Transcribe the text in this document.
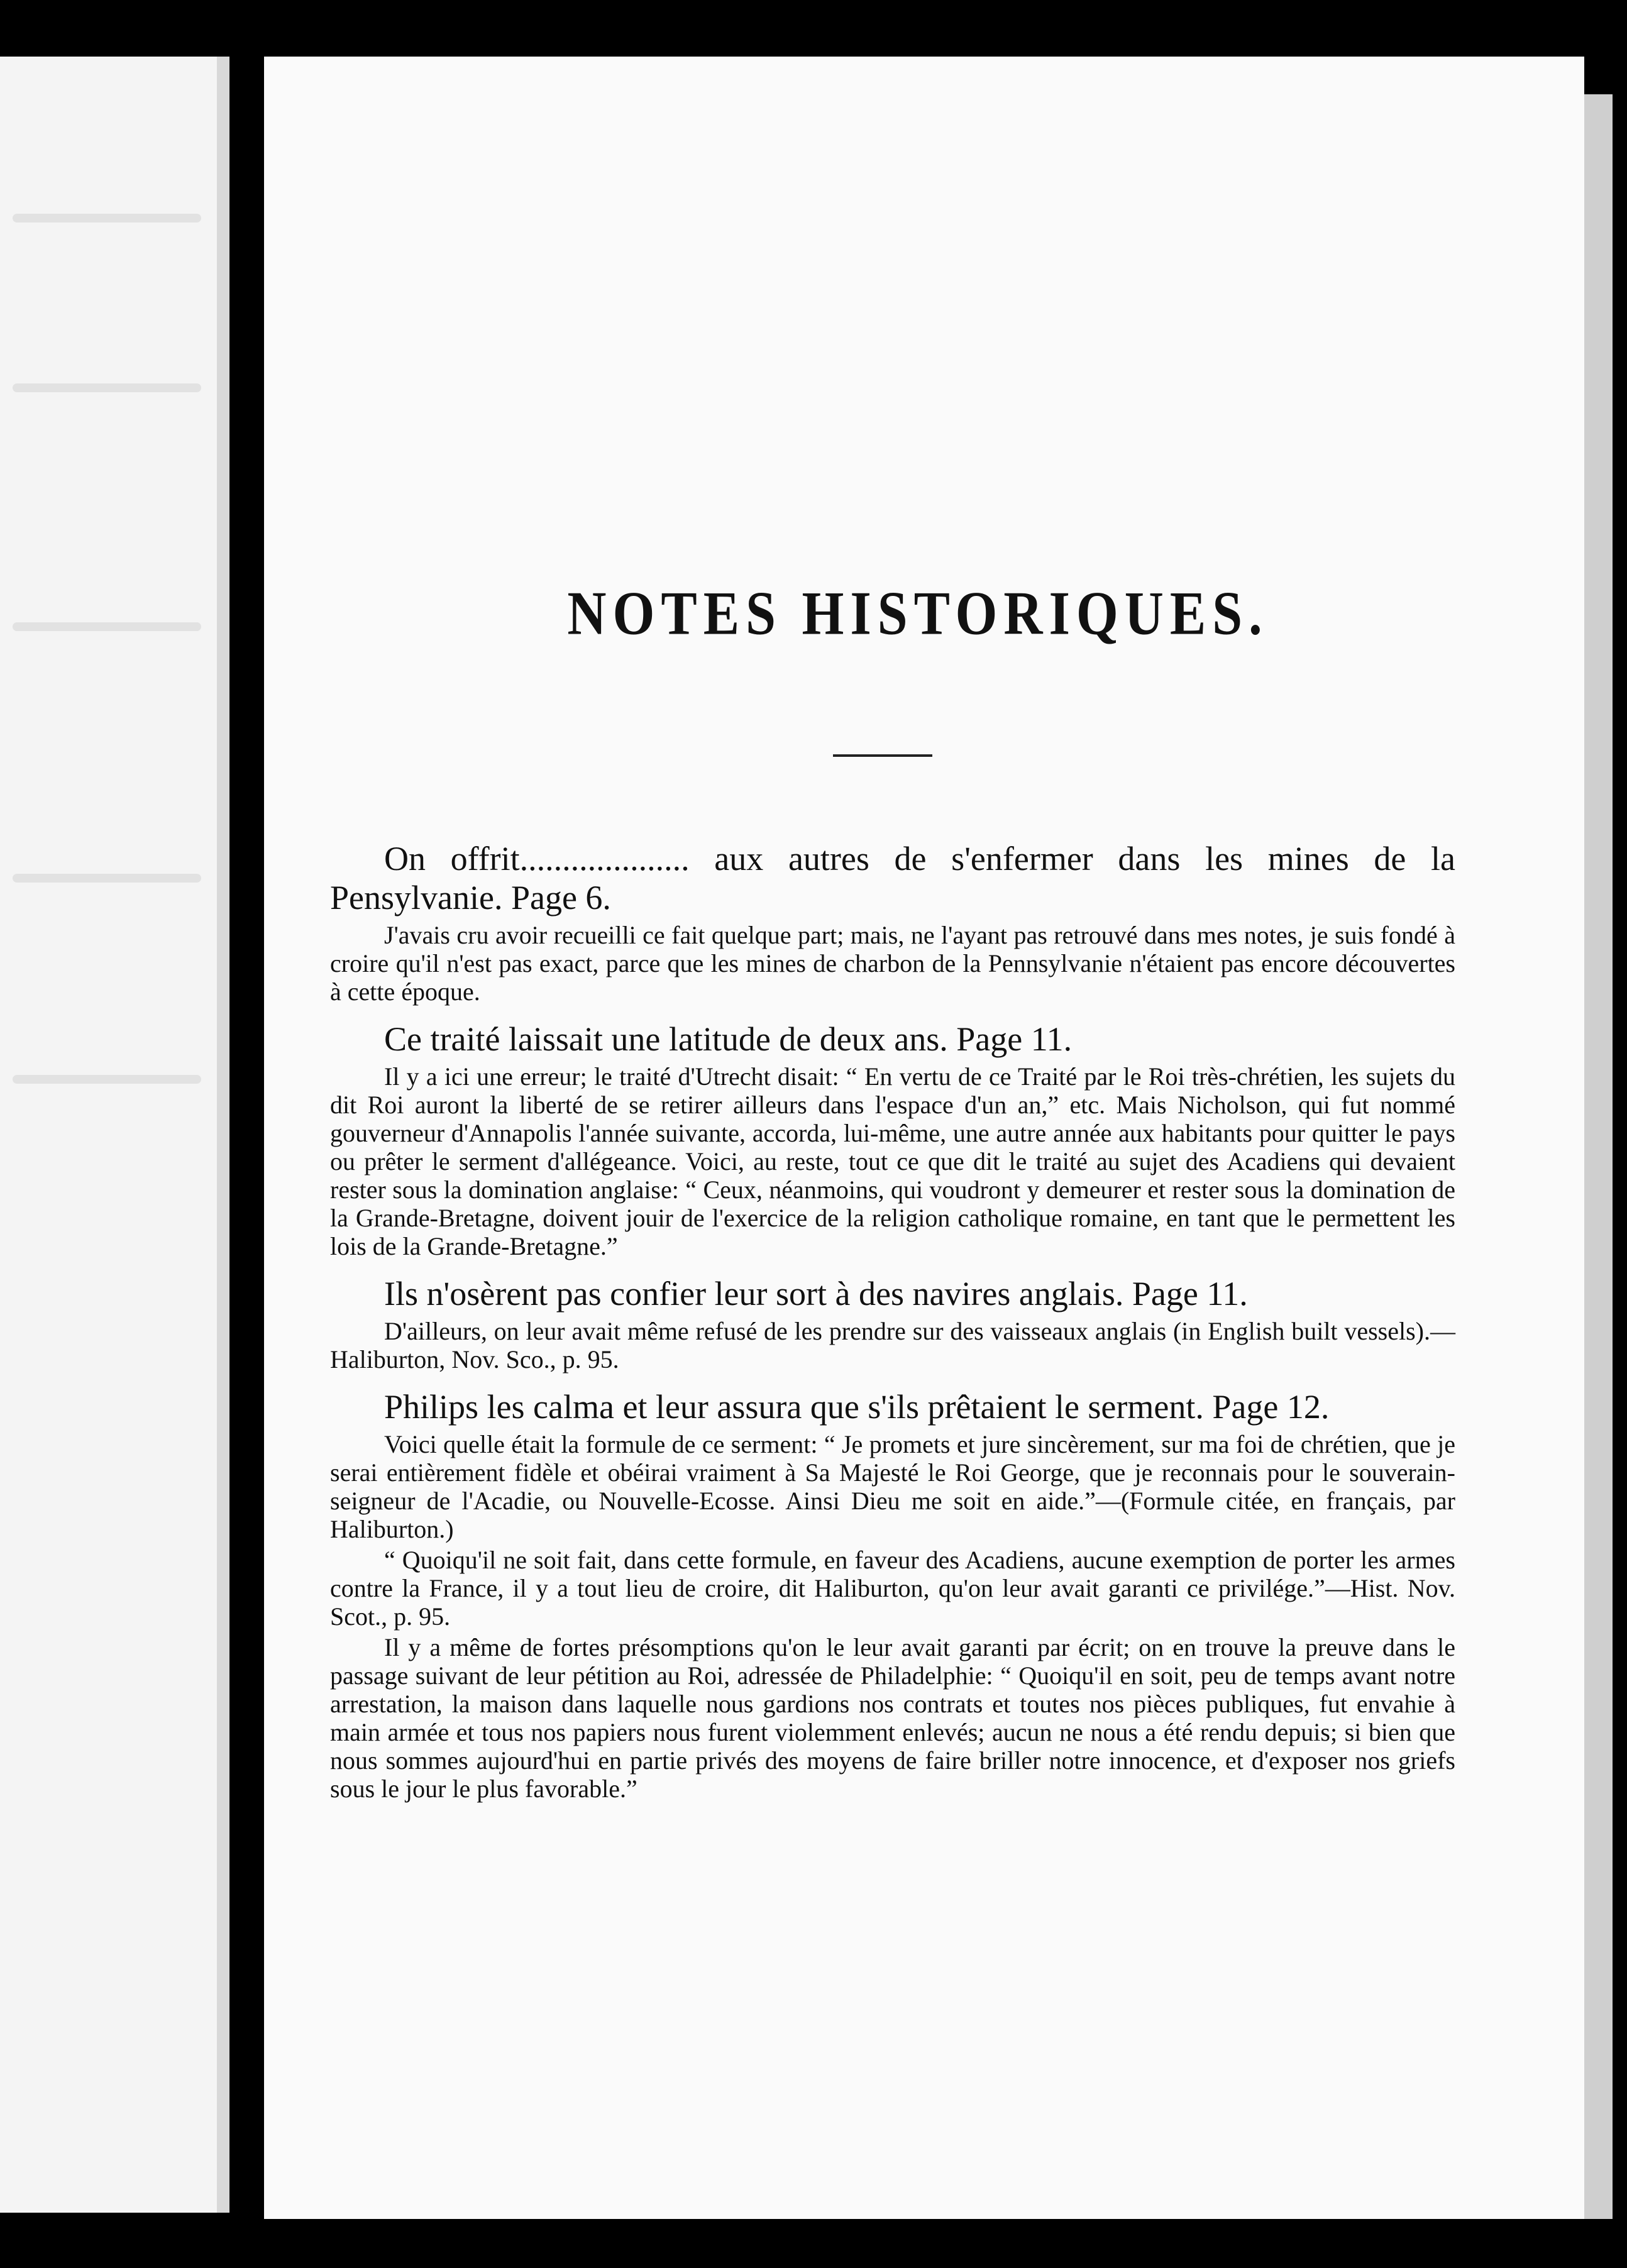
NOTES HISTORIQUES.

On offrit.................... aux autres de s'enfermer dans les mines de la Pensylvanie. Page 6.

J'avais cru avoir recueilli ce fait quelque part; mais, ne l'ayant pas retrouvé dans mes notes, je suis fondé à croire qu'il n'est pas exact, parce que les mines de charbon de la Pennsylvanie n'étaient pas encore découvertes à cette époque.

Ce traité laissait une latitude de deux ans. Page 11.

Il y a ici une erreur; le traité d'Utrecht disait: “ En vertu de ce Traité par le Roi très-chrétien, les sujets du dit Roi auront la liberté de se retirer ailleurs dans l'espace d'un an,” etc. Mais Nicholson, qui fut nommé gouverneur d'Annapolis l'année suivante, accorda, lui-même, une autre année aux habitants pour quitter le pays ou prêter le serment d'allégeance. Voici, au reste, tout ce que dit le traité au sujet des Acadiens qui devaient rester sous la domination anglaise: “ Ceux, néanmoins, qui voudront y demeurer et rester sous la domination de la Grande-Bretagne, doivent jouir de l'exercice de la religion catholique romaine, en tant que le permettent les lois de la Grande-Bretagne.”

Ils n'osèrent pas confier leur sort à des navires anglais. Page 11.

D'ailleurs, on leur avait même refusé de les prendre sur des vaisseaux anglais (in English built vessels).—Haliburton, Nov. Sco., p. 95.

Philips les calma et leur assura que s'ils prêtaient le serment. Page 12.

Voici quelle était la formule de ce serment: “ Je promets et jure sincèrement, sur ma foi de chrétien, que je serai entièrement fidèle et obéirai vraiment à Sa Majesté le Roi George, que je reconnais pour le souverain-seigneur de l'Acadie, ou Nouvelle-Ecosse. Ainsi Dieu me soit en aide.”—(Formule citée, en français, par Haliburton.)

“ Quoiqu'il ne soit fait, dans cette formule, en faveur des Acadiens, aucune exemption de porter les armes contre la France, il y a tout lieu de croire, dit Haliburton, qu'on leur avait garanti ce privilége.”—Hist. Nov. Scot., p. 95.

Il y a même de fortes présomptions qu'on le leur avait garanti par écrit; on en trouve la preuve dans le passage suivant de leur pétition au Roi, adressée de Philadelphie: “ Quoiqu'il en soit, peu de temps avant notre arrestation, la maison dans laquelle nous gardions nos contrats et toutes nos pièces publiques, fut envahie à main armée et tous nos papiers nous furent violemment enlevés; aucun ne nous a été rendu depuis; si bien que nous sommes aujourd'hui en partie privés des moyens de faire briller notre innocence, et d'exposer nos griefs sous le jour le plus favorable.”
